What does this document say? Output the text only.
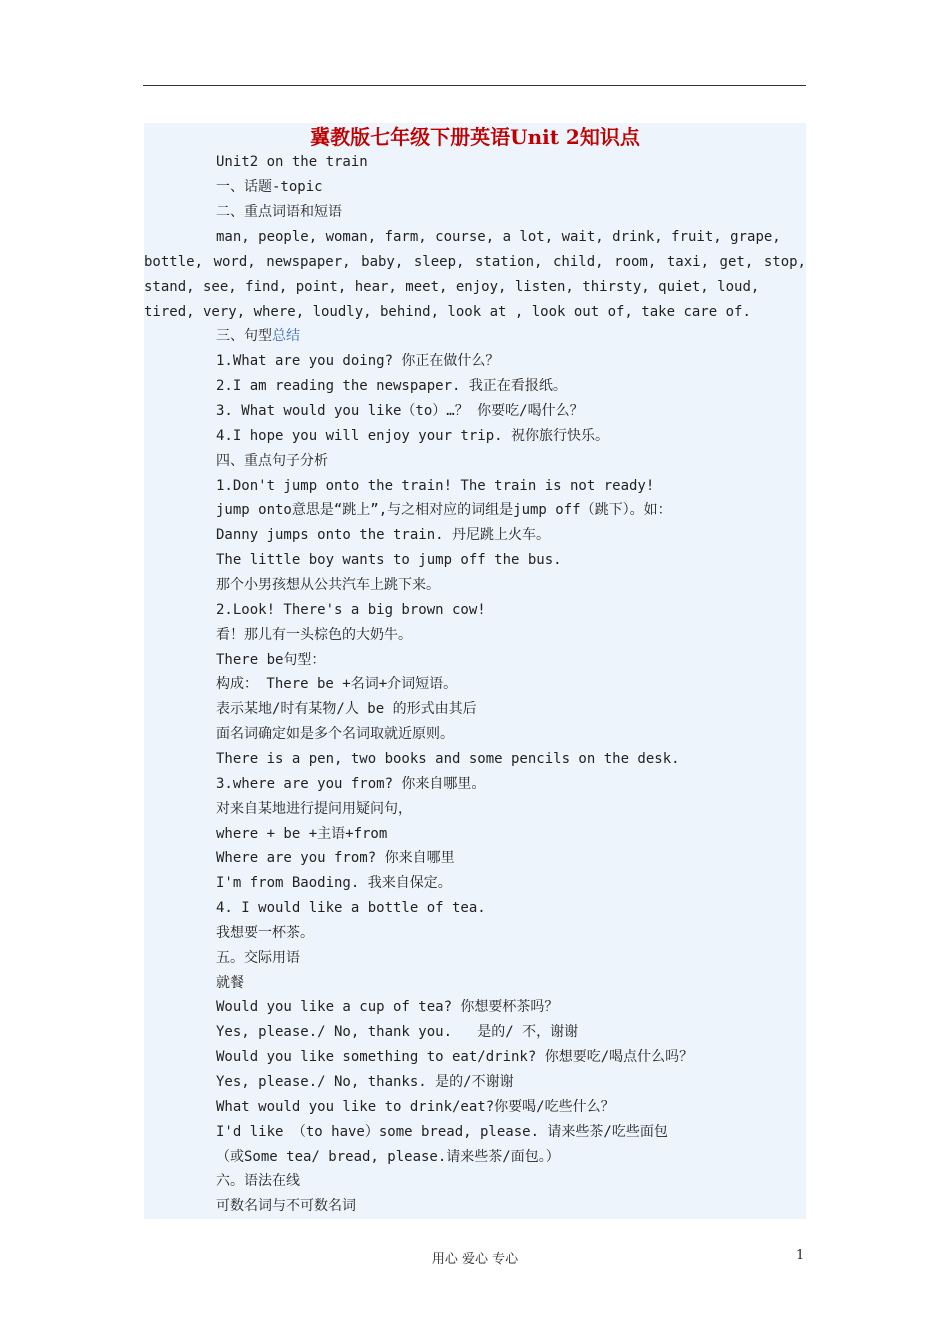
冀教版七年级下册英语Unit 2知识点
Unit2 on the train
一、话题-topic
二、重点词语和短语
man, people, woman, farm, course, a lot, wait, drink, fruit, grape,
bottle, word, newspaper, baby, sleep, station, child, room, taxi, get, stop,
stand, see, find, point, hear, meet, enjoy, listen, thirsty, quiet, loud,
tired, very, where, loudly, behind, look at , look out of, take care of.
三、句型总结
1.What are you doing? 你正在做什么？
2.I am reading the newspaper. 我正在看报纸。
3. What would you like（to）…？ 你要吃/喝什么？
4.I hope you will enjoy your trip. 祝你旅行快乐。
四、重点句子分析
1.Don't jump onto the train! The train is not ready!
jump onto意思是“跳上”,与之相对应的词组是jump off（跳下）。如：
Danny jumps onto the train. 丹尼跳上火车。
The little boy wants to jump off the bus.
那个小男孩想从公共汽车上跳下来。
2.Look! There's a big brown cow!
看！那儿有一头棕色的大奶牛。
There be句型：
构成： There be +名词+介词短语。
表示某地/时有某物/人 be 的形式由其后
面名词确定如是多个名词取就近原则。
There is a pen, two books and some pencils on the desk.
3.where are you from? 你来自哪里。
对来自某地进行提问用疑问句，
where + be +主语+from
Where are you from? 你来自哪里
I'm from Baoding. 我来自保定。
4. I would like a bottle of tea.
我想要一杯茶。
五。交际用语
就餐
Would you like a cup of tea? 你想要杯茶吗？
Yes, please./ No, thank you.   是的/ 不，谢谢
Would you like something to eat/drink? 你想要吃/喝点什么吗？
Yes, please./ No, thanks. 是的/不谢谢
What would you like to drink/eat?你要喝/吃些什么？
I'd like （to have）some bread, please. 请来些茶/吃些面包
（或Some tea/ bread, please.请来些茶/面包。）
六。语法在线
可数名词与不可数名词
用心 爱心 专心	1
